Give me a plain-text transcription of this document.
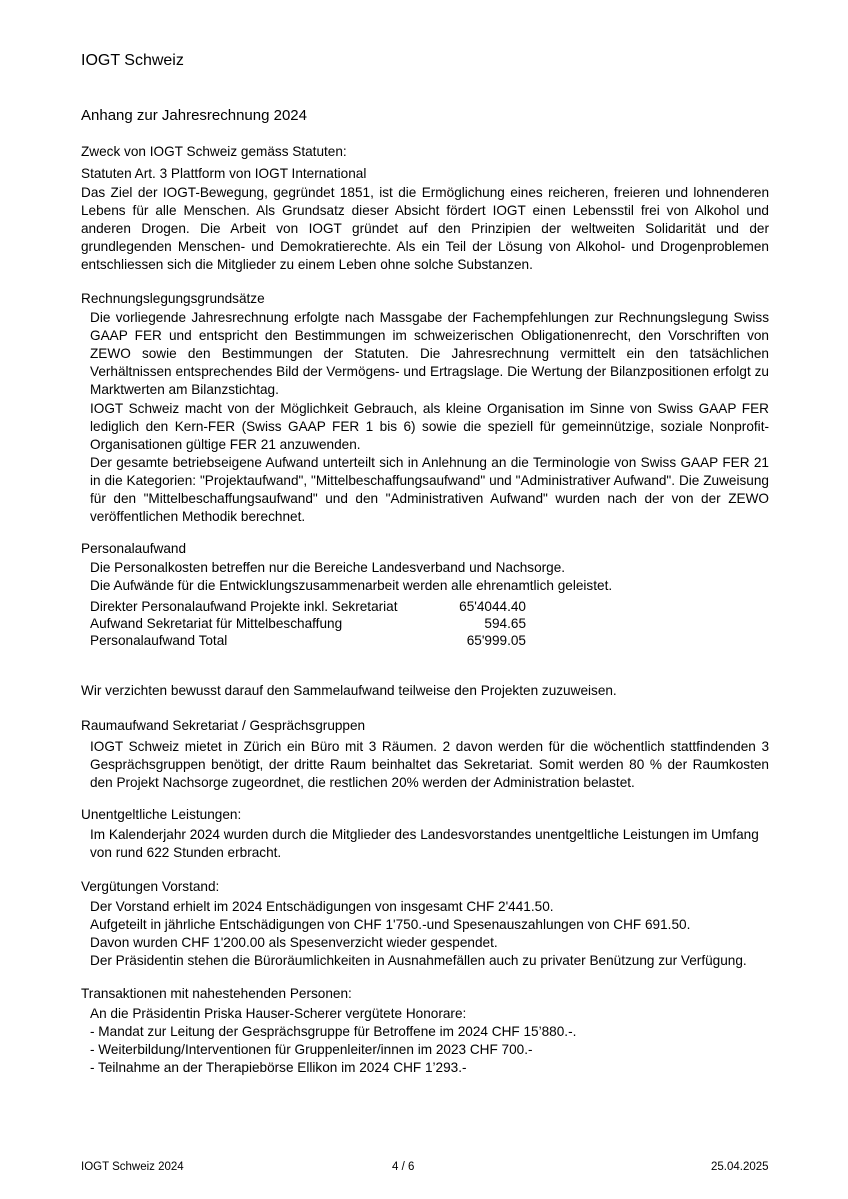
IOGT Schweiz
Anhang zur Jahresrechnung 2024

Zweck von IOGT Schweiz gemäss Statuten:

Statuten Art. 3 Plattform von IOGT International

Das Ziel der IOGT-Bewegung, gegründet 1851, ist die Ermöglichung eines reicheren, freieren und lohnenderen Lebens für alle Menschen. Als Grundsatz dieser Absicht fördert IOGT einen Lebensstil frei von Alkohol und anderen Drogen. Die Arbeit von IOGT gründet auf den Prinzipien der weltweiten Solidarität und der grundlegenden Menschen- und Demokratierechte. Als ein Teil der Lösung von Alkohol- und Drogenproblemen entschliessen sich die Mitglieder zu einem Leben ohne solche Substanzen.

Rechnungslegungsgrundsätze

Die vorliegende Jahresrechnung erfolgte nach Massgabe der Fachempfehlungen zur Rechnungslegung Swiss GAAP FER und entspricht den Bestimmungen im schweizerischen Obligationenrecht, den Vorschriften von ZEWO sowie den Bestimmungen der Statuten. Die Jahresrechnung vermittelt ein den tatsächlichen Verhältnissen entsprechendes Bild der Vermögens- und Ertragslage. Die Wertung der Bilanzpositionen erfolgt zu Marktwerten am Bilanzstichtag.

IOGT Schweiz macht von der Möglichkeit Gebrauch, als kleine Organisation im Sinne von Swiss GAAP FER lediglich den Kern-FER (Swiss GAAP FER 1 bis 6) sowie die speziell für gemeinnützige, soziale Nonprofit-Organisationen gültige FER 21 anzuwenden.

Der gesamte betriebseigene Aufwand unterteilt sich in Anlehnung an die Terminologie von Swiss GAAP FER 21 in die Kategorien: "Projektaufwand", "Mittelbeschaffungsaufwand" und "Administrativer Aufwand". Die Zuweisung für den "Mittelbeschaffungsaufwand" und den "Administrativen Aufwand" wurden nach der von der ZEWO veröffentlichen Methodik berechnet.

Personalaufwand

Die Personalkosten betreffen nur die Bereiche Landesverband und Nachsorge.

Die Aufwände für die Entwicklungszusammenarbeit werden alle ehrenamtlich geleistet.

Direkter Personalaufwand Projekte inkl. Sekretariat	65'4044.40
Aufwand Sekretariat für Mittelbeschaffung	594.65
Personalaufwand Total	65'999.05

Wir verzichten bewusst darauf den Sammelaufwand teilweise den Projekten zuzuweisen.

Raumaufwand Sekretariat / Gesprächsgruppen

IOGT Schweiz mietet in Zürich ein Büro mit 3 Räumen. 2 davon werden für die wöchentlich stattfindenden 3 Gesprächsgruppen benötigt, der dritte Raum beinhaltet das Sekretariat. Somit werden 80 % der Raumkosten den Projekt Nachsorge zugeordnet, die restlichen 20% werden der Administration belastet.

Unentgeltliche Leistungen:

Im Kalenderjahr 2024 wurden durch die Mitglieder des Landesvorstandes unentgeltliche Leistungen im Umfang von rund 622 Stunden erbracht.

Vergütungen Vorstand:

Der Vorstand erhielt im 2024 Entschädigungen von insgesamt CHF 2'441.50.
Aufgeteilt in jährliche Entschädigungen von CHF 1'750.-und Spesenauszahlungen von CHF 691.50.
Davon wurden CHF 1'200.00 als Spesenverzicht wieder gespendet.
Der Präsidentin stehen die Büroräumlichkeiten in Ausnahmefällen auch zu privater Benützung zur Verfügung.

Transaktionen mit nahestehenden Personen:

An die Präsidentin Priska Hauser-Scherer vergütete Honorare:
- Mandat zur Leitung der Gesprächsgruppe für Betroffene im 2024 CHF 15’880.-.
- Weiterbildung/Interventionen für Gruppenleiter/innen im 2023 CHF 700.-
- Teilnahme an der Therapiebörse Ellikon im 2024 CHF 1’293.-
IOGT Schweiz 2024	4 / 6	25.04.2025
